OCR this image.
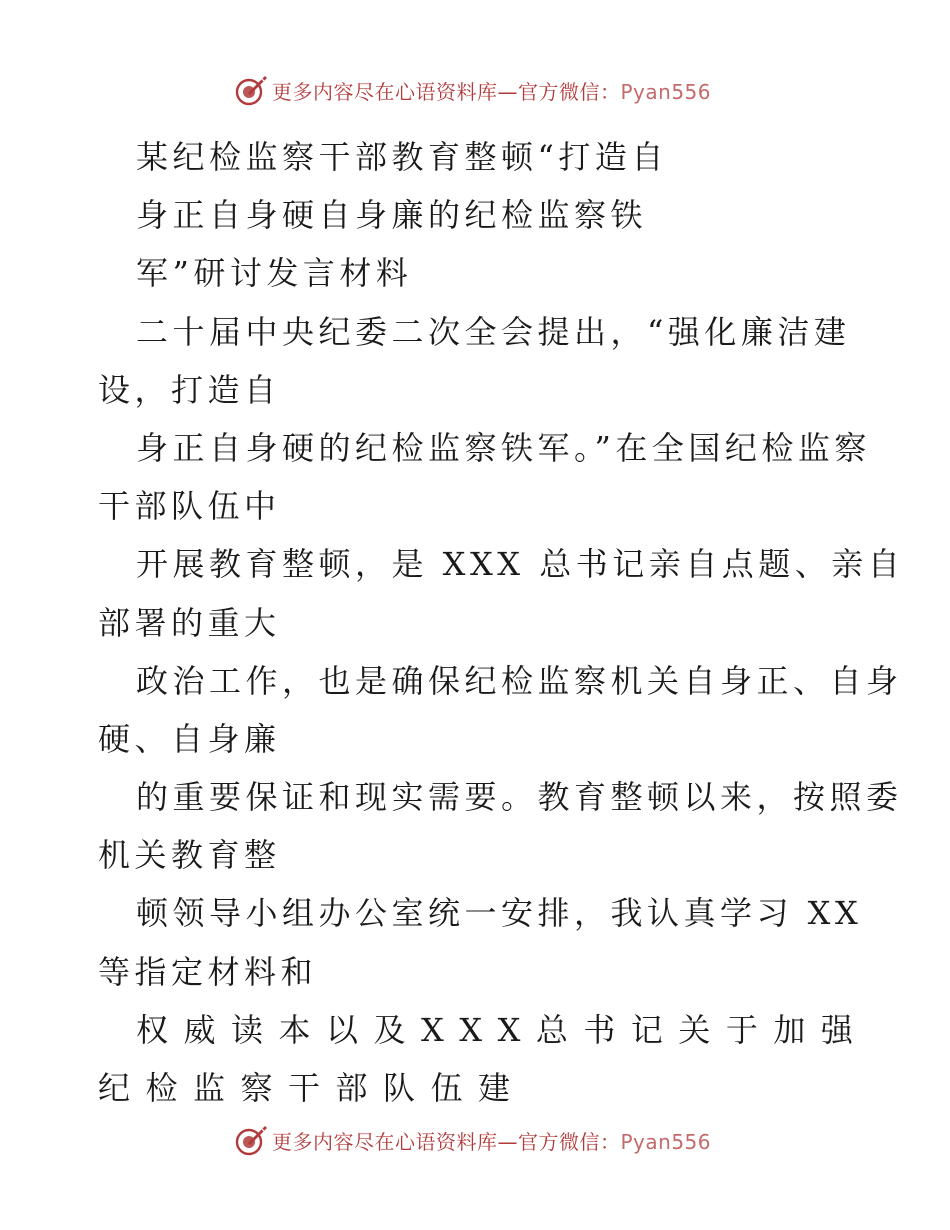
更多内容尽在心语资料库—官方微信：Pyan556
某纪检监察干部教育整顿“打造自
身正自身硬自身廉的纪检监察铁
军”研讨发言材料
二十届中央纪委二次全会提出，“强化廉洁建
设，打造自
身正自身硬的纪检监察铁军。”在全国纪检监察
干部队伍中
开展教育整顿，是 XXX 总书记亲自点题、亲自
部署的重大
政治工作，也是确保纪检监察机关自身正、自身
硬、自身廉
的重要保证和现实需要。教育整顿以来，按照委
机关教育整
顿领导小组办公室统一安排，我认真学习 XX
等指定材料和
权威读本以及XXX总书记关于加强
纪检监察干部队伍建
更多内容尽在心语资料库—官方微信：Pyan556
